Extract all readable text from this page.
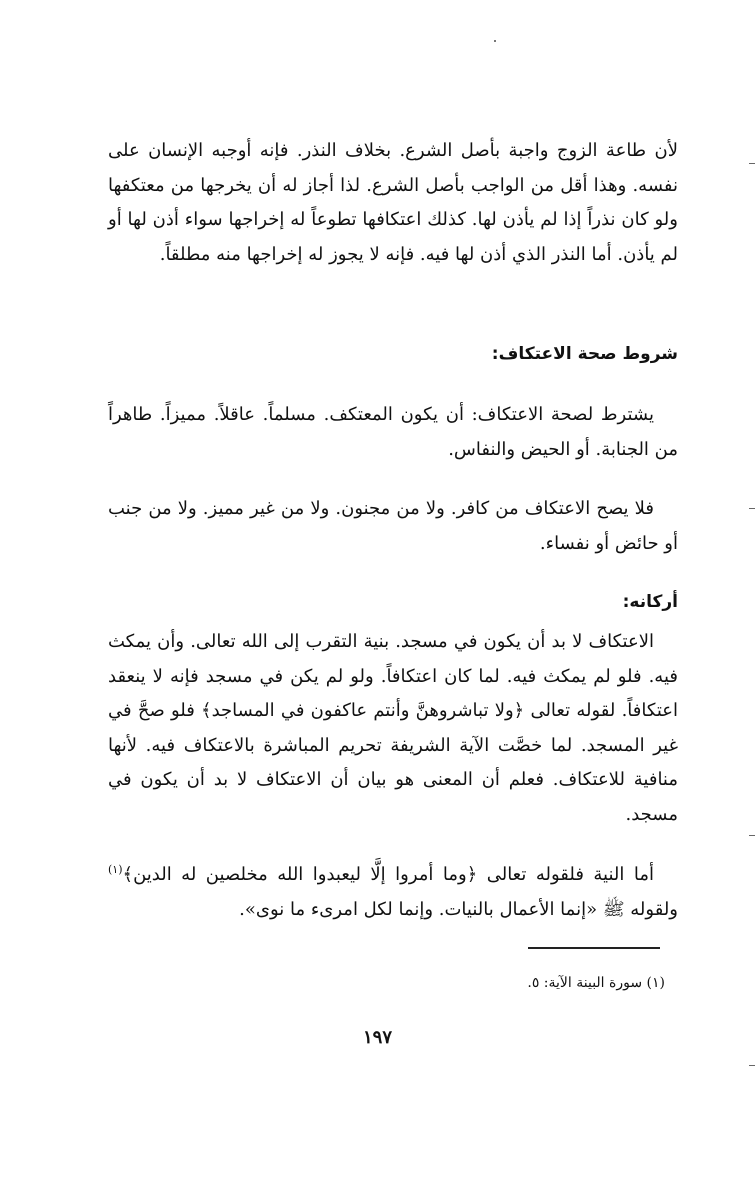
لأن طاعة الزوج واجبة بأصل الشرع. بخلاف النذر. فإنه أوجبه الإنسان على نفسه. وهذا أقل من الواجب بأصل الشرع. لذا أجاز له أن يخرجها من معتكفها ولو كان نذراً إذا لم يأذن لها. كذلك اعتكافها تطوعاً له إخراجها سواء أذن لها أو لم يأذن. أما النذر الذي أذن لها فيه. فإنه لا يجوز له إخراجها منه مطلقاً.

شروط صحة الاعتكاف:

يشترط لصحة الاعتكاف: أن يكون المعتكف. مسلماً. عاقلاً. مميزاً. طاهراً من الجنابة. أو الحيض والنفاس.

فلا يصح الاعتكاف من كافر. ولا من مجنون. ولا من غير مميز. ولا من جنب أو حائض أو نفساء.

أركانه:

الاعتكاف لا بد أن يكون في مسجد. بنية التقرب إلى الله تعالى. وأن يمكث فيه. فلو لم يمكث فيه. لما كان اعتكافاً. ولو لم يكن في مسجد فإنه لا ينعقد اعتكافاً. لقوله تعالى ﴿ولا تباشروهنَّ وأنتم عاكفون في المساجد﴾ فلو صحَّ في غير المسجد. لما خصَّت الآية الشريفة تحريم المباشرة بالاعتكاف فيه. لأنها منافية للاعتكاف. فعلم أن المعنى هو بيان أن الاعتكاف لا بد أن يكون في مسجد.

أما النية فلقوله تعالى ﴿وما أمروا إلَّا ليعبدوا الله مخلصين له الدين﴾$^{(١)}$ ولقوله ﷺ «إنما الأعمال بالنيات. وإنما لكل امرىء ما نوى».

(١) سورة البينة الآية: ٥.
١٩٧
